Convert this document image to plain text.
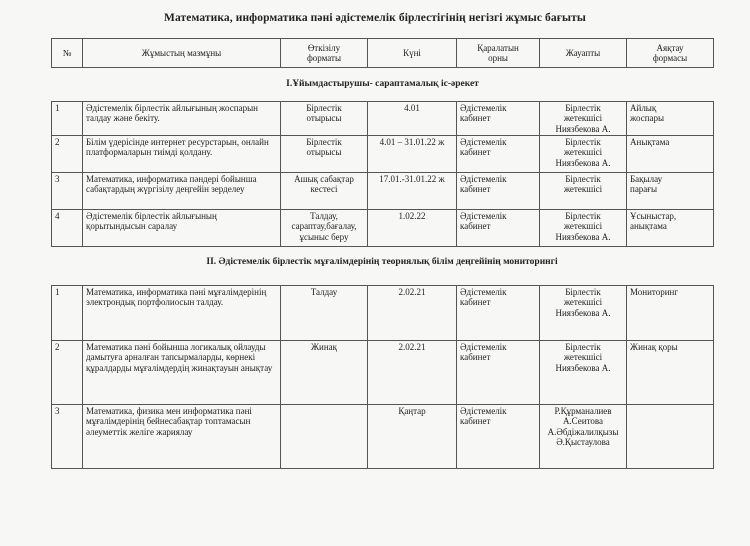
Математика, информатика пәні әдістемелік бірлестігінің негізгі жұмыс бағыты
№	Жұмыстың мазмұны	Өткізілу
форматы	Күні	Қаралатын
орны	Жауапты	Аяқтау
формасы
I.Ұйымдастырушы- сараптамалық іс-әрекет						
1	Әдістемелік бірлестік айлығының жоспарын талдау және бекіту.	Бірлестік
отырысы	4.01	Әдістемелік
кабинет	Бірлестік
жетекшісі
Ниязбекова А.	Айлық
жоспары
2	Білім үдерісінде интернет ресурстарын, онлайн платформаларын тиімді қолдану.	Бірлестік
отырысы	4.01 – 31.01.22 ж	Әдістемелік
кабинет	Бірлестік
жетекшісі
Ниязбекова А.	Анықтама
3	Математика, информатика пәндері бойынша сабақтардың жүргізілу деңгейін зерделеу	Ашық сабақтар
кестесі	17.01.-31.01.22 ж	Әдістемелік
кабинет	Бірлестік
жетекшісі	Бақылау
парағы
4	Әдістемелік бірлестік айлығының қорытындысын саралау	Талдау,
сараптау,бағалау,
ұсыныс беру	1.02.22	Әдістемелік
кабинет	Бірлестік
жетекшісі
Ниязбекова А.	Ұсыныстар,
анықтама
1	Математика, информатика пәні мұғалімдерінің электрондық портфолиосын талдау.	Талдау	2.02.21	Әдістемелік
кабинет	Бірлестік
жетекшісі
Ниязбекова А.	Мониторинг
2	Математика пәні бойынша логикалық ойлауды дамытуға арналған тапсырмаларды, көрнекі құралдарды мұғалімдердің жинақтауын анықтау	Жинақ	2.02.21	Әдістемелік
кабинет	Бірлестік
жетекшісі
Ниязбекова А.	Жинақ қоры
3	Математика, физика мен информатика пәні мұғалімдерінің бейнесабақтар топтамасын әлеуметтік желіге жариялау		Қаңтар	Әдістемелік
кабинет	Р.Құрманалиев
А.Сеитова
А.Әбдіжалилқызы
Ә.Қыстаулова	
II. Әдістемелік бірлестік мұғалімдерінің теориялық білім деңгейінің мониторингі
